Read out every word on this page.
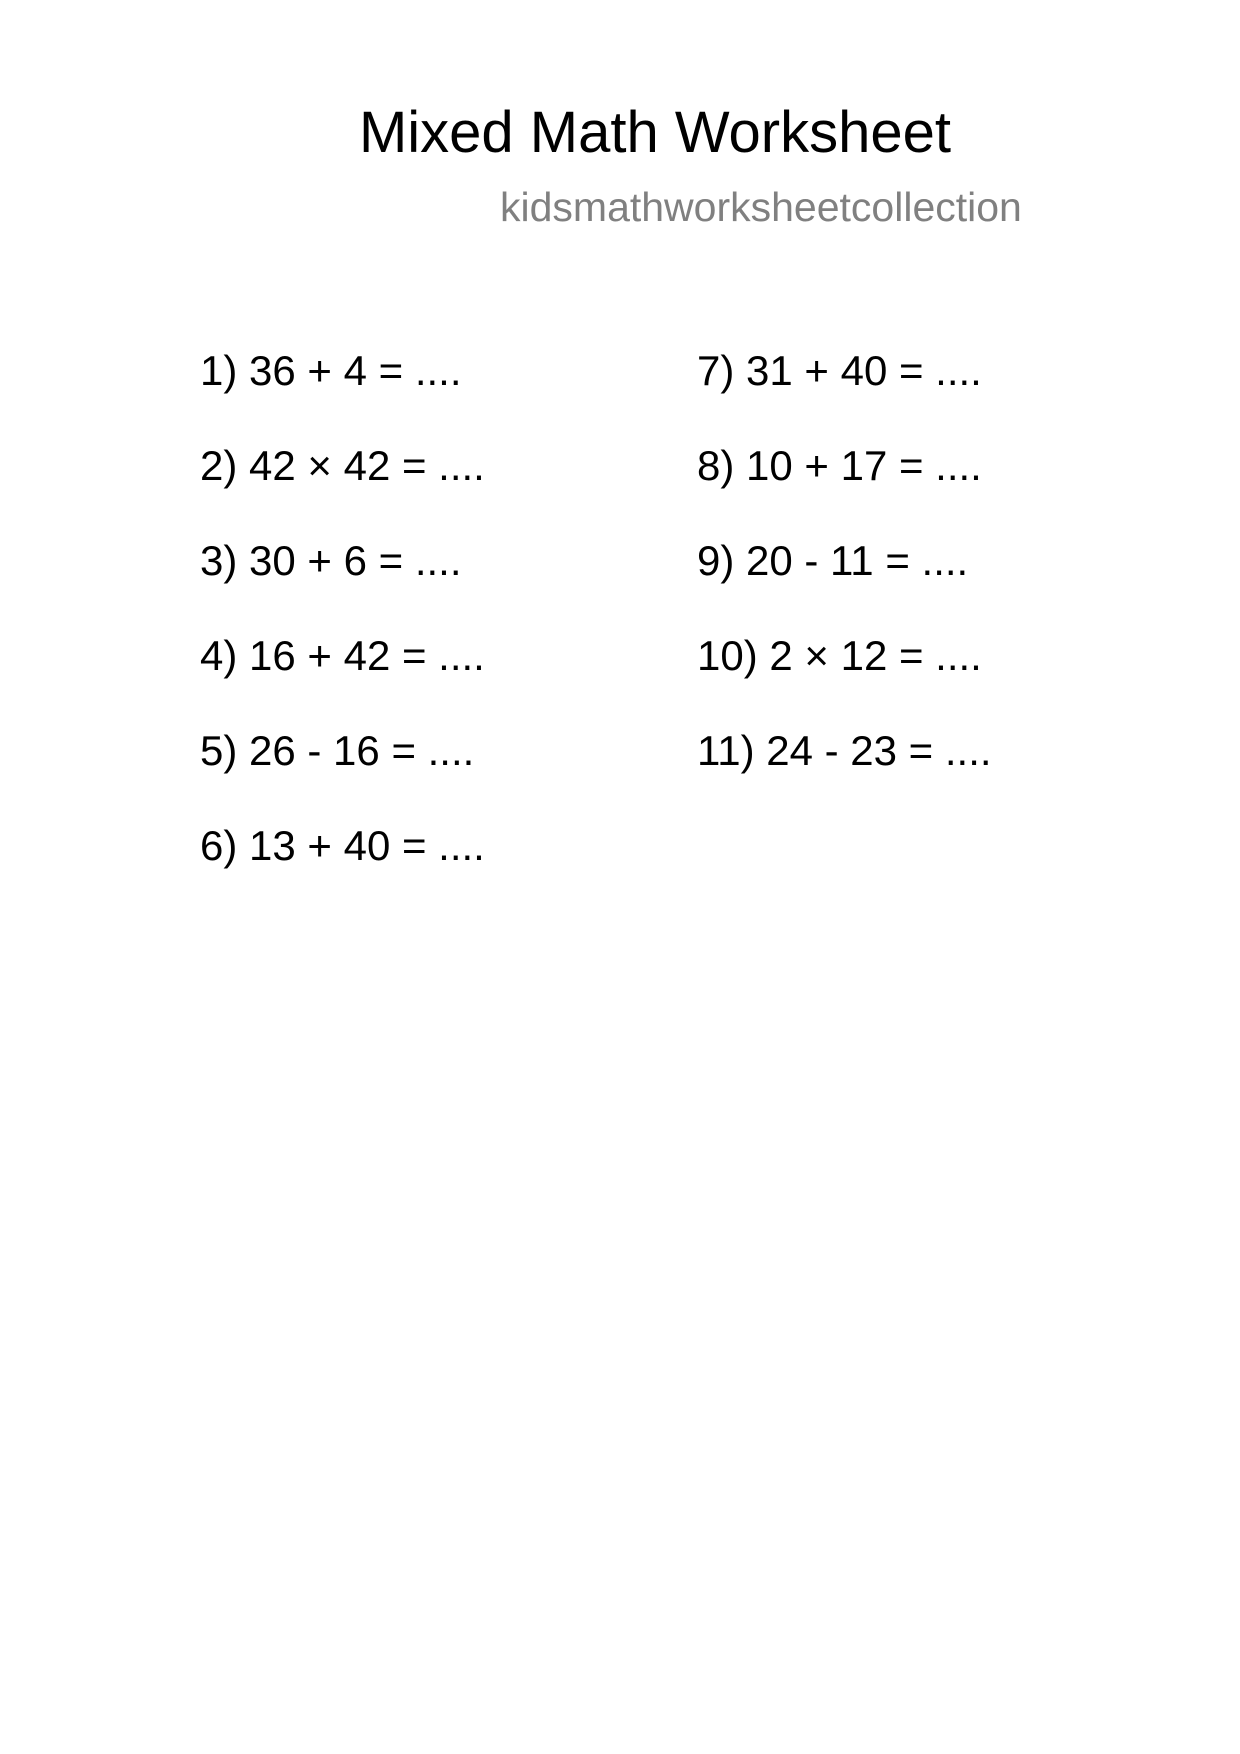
Mixed Math Worksheet
kidsmathworksheetcollection
1) 36 + 4 = ....
2) 42 × 42 = ....
3) 30 + 6 = ....
4) 16 + 42 = ....
5) 26 - 16 = ....
6) 13 + 40 = ....
7) 31 + 40 = ....
8) 10 + 17 = ....
9) 20 - 11 = ....
10) 2 × 12 = ....
11) 24 - 23 = ....
